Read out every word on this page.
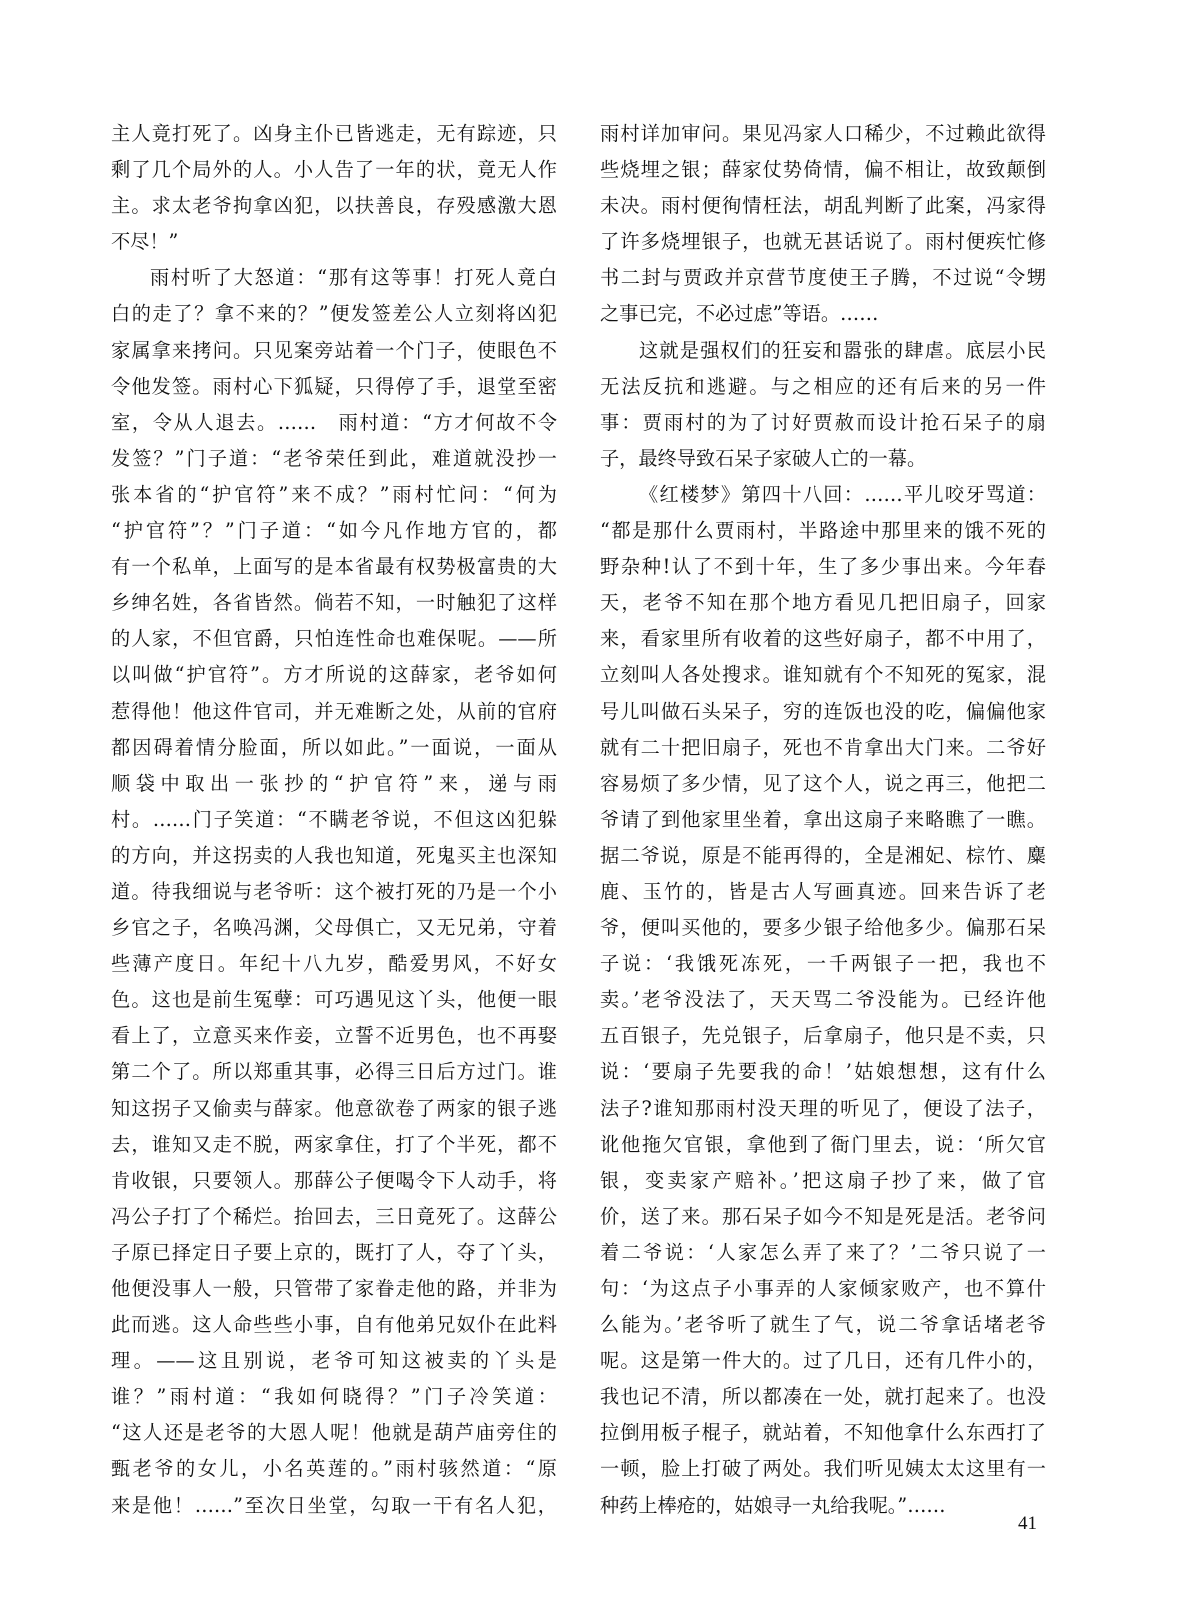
主人竟打死了。凶身主仆已皆逃走，无有踪迹，只
剩了几个局外的人。小人告了一年的状，竟无人作
主。求太老爷拘拿凶犯，以扶善良，存殁感激大恩
不尽！”
雨村听了大怒道：“那有这等事！打死人竟白
白的走了？拿不来的？”便发签差公人立刻将凶犯
家属拿来拷问。只见案旁站着一个门子，使眼色不
令他发签。雨村心下狐疑，只得停了手，退堂至密
室，令从人退去。……　雨村道：“方才何故不令
发签？”门子道：“老爷荣任到此，难道就没抄一
张本省的“护官符”来不成？”雨村忙问：“何为
“护官符”？”门子道：“如今凡作地方官的，都
有一个私单，上面写的是本省最有权势极富贵的大
乡绅名姓，各省皆然。倘若不知，一时触犯了这样
的人家，不但官爵，只怕连性命也难保呢。——所
以叫做“护官符”。方才所说的这薛家，老爷如何
惹得他！他这件官司，并无难断之处，从前的官府
都因碍着情分脸面，所以如此。”一面说，一面从
顺袋中取出一张抄的“护官符”来，递与雨
村。……门子笑道：“不瞒老爷说，不但这凶犯躲
的方向，并这拐卖的人我也知道，死鬼买主也深知
道。待我细说与老爷听：这个被打死的乃是一个小
乡官之子，名唤冯渊，父母俱亡，又无兄弟，守着
些薄产度日。年纪十八九岁，酷爱男风，不好女
色。这也是前生冤孽：可巧遇见这丫头，他便一眼
看上了，立意买来作妾，立誓不近男色，也不再娶
第二个了。所以郑重其事，必得三日后方过门。谁
知这拐子又偷卖与薛家。他意欲卷了两家的银子逃
去，谁知又走不脱，两家拿住，打了个半死，都不
肯收银，只要领人。那薛公子便喝令下人动手，将
冯公子打了个稀烂。抬回去，三日竟死了。这薛公
子原已择定日子要上京的，既打了人，夺了丫头，
他便没事人一般，只管带了家眷走他的路，并非为
此而逃。这人命些些小事，自有他弟兄奴仆在此料
理。——这且别说，老爷可知这被卖的丫头是
谁？”雨村道：“我如何晓得？”门子冷笑道：
“这人还是老爷的大恩人呢！他就是葫芦庙旁住的
甄老爷的女儿，小名英莲的。”雨村骇然道：“原
来是他！……”至次日坐堂，勾取一干有名人犯，
雨村详加审问。果见冯家人口稀少，不过赖此欲得
些烧埋之银；薛家仗势倚情，偏不相让，故致颠倒
未决。雨村便徇情枉法，胡乱判断了此案，冯家得
了许多烧埋银子，也就无甚话说了。雨村便疾忙修
书二封与贾政并京营节度使王子腾，不过说“令甥
之事已完，不必过虑”等语。……
这就是强权们的狂妄和嚣张的肆虐。底层小民
无法反抗和逃避。与之相应的还有后来的另一件
事：贾雨村的为了讨好贾赦而设计抢石呆子的扇
子，最终导致石呆子家破人亡的一幕。
《红楼梦》第四十八回：……平儿咬牙骂道：
“都是那什么贾雨村，半路途中那里来的饿不死的
野杂种!认了不到十年，生了多少事出来。今年春
天，老爷不知在那个地方看见几把旧扇子，回家
来，看家里所有收着的这些好扇子，都不中用了，
立刻叫人各处搜求。谁知就有个不知死的冤家，混
号儿叫做石头呆子，穷的连饭也没的吃，偏偏他家
就有二十把旧扇子，死也不肯拿出大门来。二爷好
容易烦了多少情，见了这个人，说之再三，他把二
爷请了到他家里坐着，拿出这扇子来略瞧了一瞧。
据二爷说，原是不能再得的，全是湘妃、棕竹、麋
鹿、玉竹的，皆是古人写画真迹。回来告诉了老
爷，便叫买他的，要多少银子给他多少。偏那石呆
子说：‘我饿死冻死，一千两银子一把，我也不
卖。’老爷没法了，天天骂二爷没能为。已经许他
五百银子，先兑银子，后拿扇子，他只是不卖，只
说：‘要扇子先要我的命！’姑娘想想，这有什么
法子?谁知那雨村没天理的听见了，便设了法子，
讹他拖欠官银，拿他到了衙门里去，说：‘所欠官
银，变卖家产赔补。’把这扇子抄了来，做了官
价，送了来。那石呆子如今不知是死是活。老爷问
着二爷说：‘人家怎么弄了来了？’二爷只说了一
句：‘为这点子小事弄的人家倾家败产，也不算什
么能为。’老爷听了就生了气，说二爷拿话堵老爷
呢。这是第一件大的。过了几日，还有几件小的，
我也记不清，所以都凑在一处，就打起来了。也没
拉倒用板子棍子，就站着，不知他拿什么东西打了
一顿，脸上打破了两处。我们听见姨太太这里有一
种药上棒疮的，姑娘寻一丸给我呢。”……
41
